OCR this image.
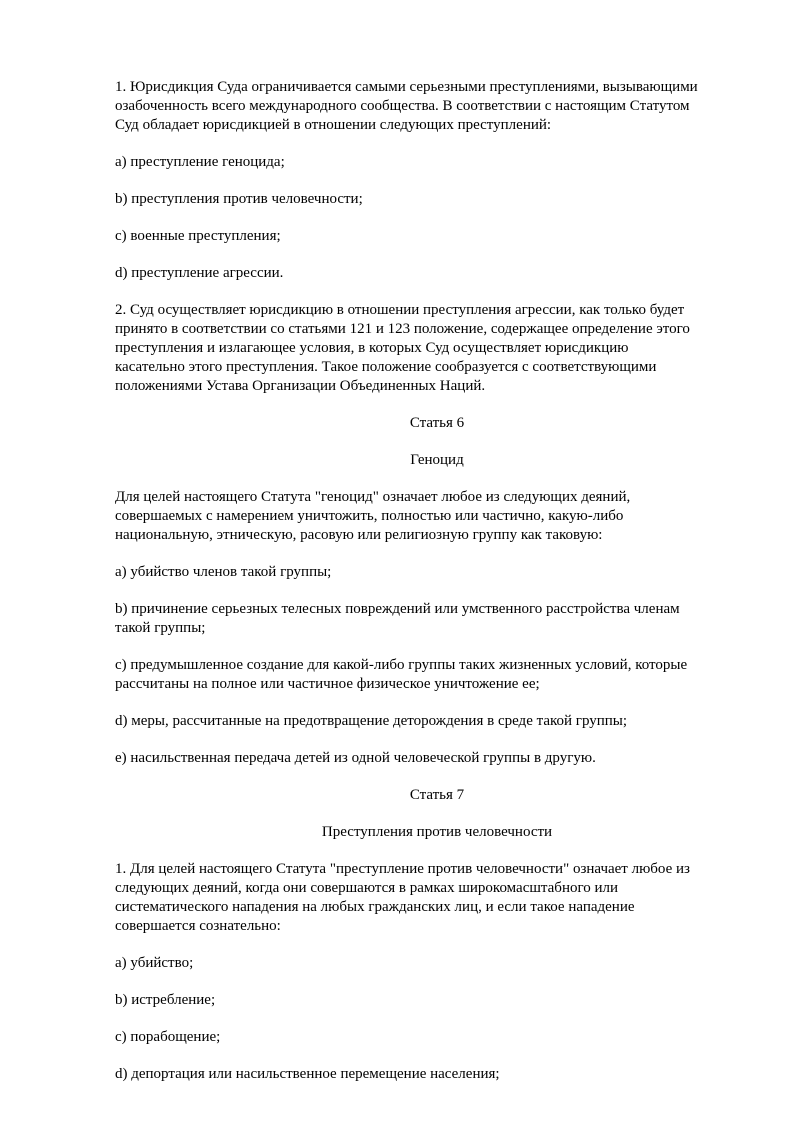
1. Юрисдикция Суда ограничивается самыми серьезными преступлениями, вызывающими
озабоченность всего международного сообщества. В соответствии с настоящим Статутом
Суд обладает юрисдикцией в отношении следующих преступлений:

a) преступление геноцида;

b) преступления против человечности;

c) военные преступления;

d) преступление агрессии.

2. Суд осуществляет юрисдикцию в отношении преступления агрессии, как только будет
принято в соответствии со статьями 121 и 123 положение, содержащее определение этого
преступления и излагающее условия, в которых Суд осуществляет юрисдикцию
касательно этого преступления. Такое положение сообразуется с соответствующими
положениями Устава Организации Объединенных Наций.

Статья 6

Геноцид

Для целей настоящего Статута "геноцид" означает любое из следующих деяний,
совершаемых с намерением уничтожить, полностью или частично, какую-либо
национальную, этническую, расовую или религиозную группу как таковую:

a) убийство членов такой группы;

b) причинение серьезных телесных повреждений или умственного расстройства членам
такой группы;

c) предумышленное создание для какой-либо группы таких жизненных условий, которые
рассчитаны на полное или частичное физическое уничтожение ее;

d) меры, рассчитанные на предотвращение деторождения в среде такой группы;

e) насильственная передача детей из одной человеческой группы в другую.

Статья 7

Преступления против человечности

1. Для целей настоящего Статута "преступление против человечности" означает любое из
следующих деяний, когда они совершаются в рамках широкомасштабного или
систематического нападения на любых гражданских лиц, и если такое нападение
совершается сознательно:

a) убийство;

b) истребление;

c) порабощение;

d) депортация или насильственное перемещение населения;
